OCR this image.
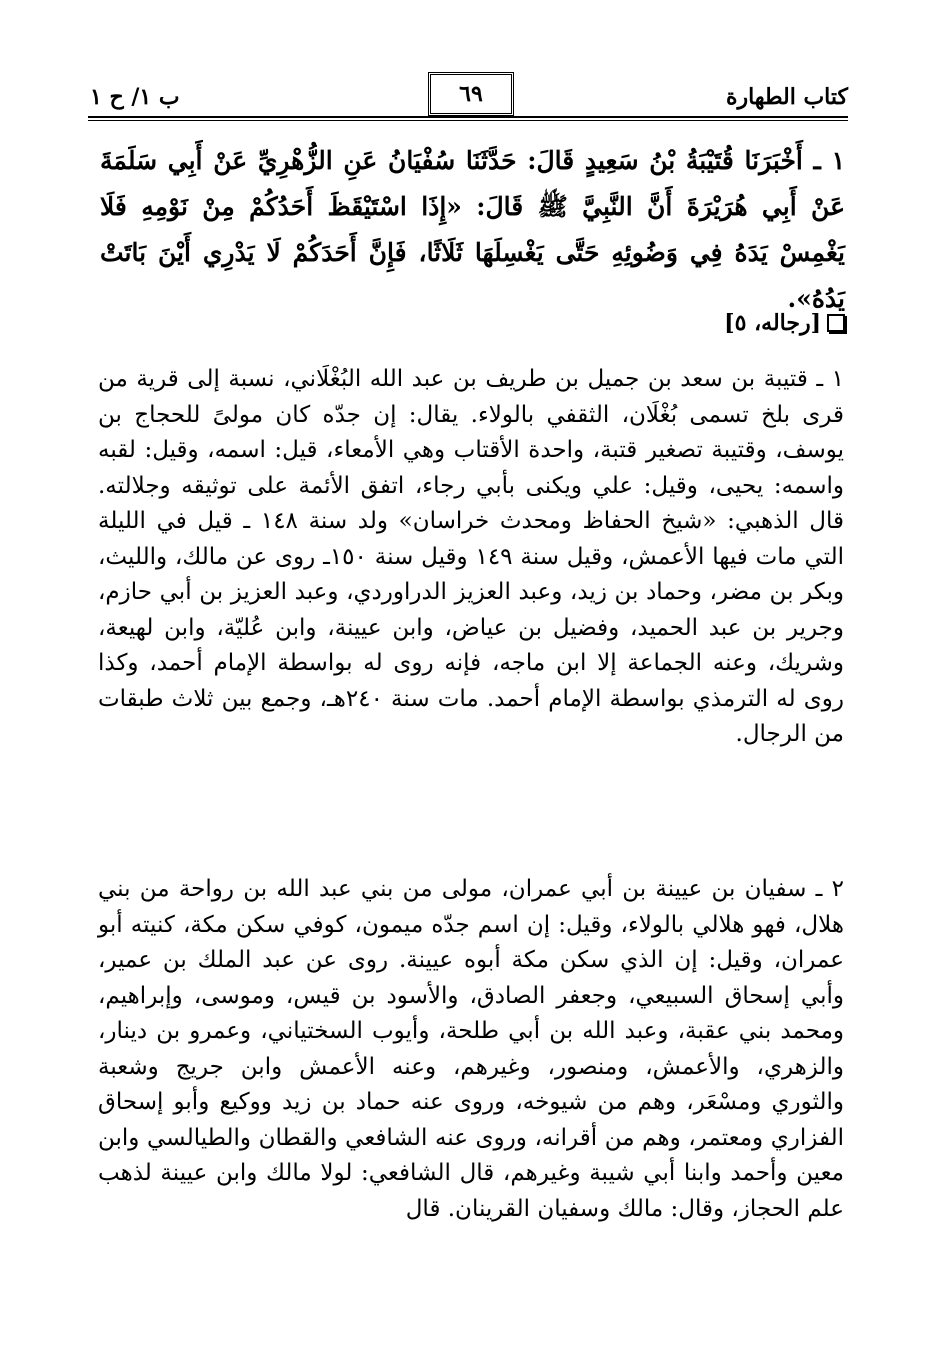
ب ١/ ح ١	٦٩	كتاب الطهارة
١ ـ أَخْبَرَنَا قُتَيْبَةُ بْنُ سَعِيدٍ قَالَ: حَدَّثَنَا سُفْيَانُ عَنِ الزُّهْرِيِّ عَنْ أَبِي سَلَمَةَ عَنْ أَبِي هُرَيْرَةَ أَنَّ النَّبِيَّ ﷺ قَالَ: «إِذَا اسْتَيْقَظَ أَحَدُكُمْ مِنْ نَوْمِهِ فَلَا يَغْمِسْ يَدَهُ فِي وَضُوئِهِ حَتَّى يَغْسِلَهَا ثَلَاثًا، فَإِنَّ أَحَدَكُمْ لَا يَدْرِي أَيْنَ بَاتَتْ يَدُهُ».
[رجاله، ٥]
١ ـ قتيبة بن سعد بن جميل بن طريف بن عبد الله البُغْلَاني، نسبة إلى قرية من قرى بلخ تسمى بُغْلَان، الثقفي بالولاء. يقال: إن جدّه كان مولىً للحجاج بن يوسف، وقتيبة تصغير قتبة، واحدة الأقتاب وهي الأمعاء، قيل: اسمه، وقيل: لقبه واسمه: يحيى، وقيل: علي ويكنى بأبي رجاء، اتفق الأئمة على توثيقه وجلالته. قال الذهبي: «شيخ الحفاظ ومحدث خراسان» ولد سنة ١٤٨ ـ قيل في الليلة التي مات فيها الأعمش، وقيل سنة ١٤٩ وقيل سنة ١٥٠ـ روى عن مالك، والليث، وبكر بن مضر، وحماد بن زيد، وعبد العزيز الدراوردي، وعبد العزيز بن أبي حازم، وجرير بن عبد الحميد، وفضيل بن عياض، وابن عيينة، وابن عُليّة، وابن لهيعة، وشريك، وعنه الجماعة إلا ابن ماجه، فإنه روى له بواسطة الإمام أحمد، وكذا روى له الترمذي بواسطة الإمام أحمد. مات سنة ٢٤٠هـ، وجمع بين ثلاث طبقات من الرجال.
٢ ـ سفيان بن عيينة بن أبي عمران، مولى من بني عبد الله بن رواحة من بني هلال، فهو هلالي بالولاء، وقيل: إن اسم جدّه ميمون، كوفي سكن مكة، كنيته أبو عمران، وقيل: إن الذي سكن مكة أبوه عيينة. روى عن عبد الملك بن عمير، وأبي إسحاق السبيعي، وجعفر الصادق، والأسود بن قيس، وموسى، وإبراهيم، ومحمد بني عقبة، وعبد الله بن أبي طلحة، وأيوب السختياني، وعمرو بن دينار، والزهري، والأعمش، ومنصور، وغيرهم، وعنه الأعمش وابن جريج وشعبة والثوري ومسْعَر، وهم من شيوخه، وروى عنه حماد بن زيد ووكيع وأبو إسحاق الفزاري ومعتمر، وهم من أقرانه، وروى عنه الشافعي والقطان والطيالسي وابن معين وأحمد وابنا أبي شيبة وغيرهم، قال الشافعي: لولا مالك وابن عيينة لذهب علم الحجاز، وقال: مالك وسفيان القرينان. قال
